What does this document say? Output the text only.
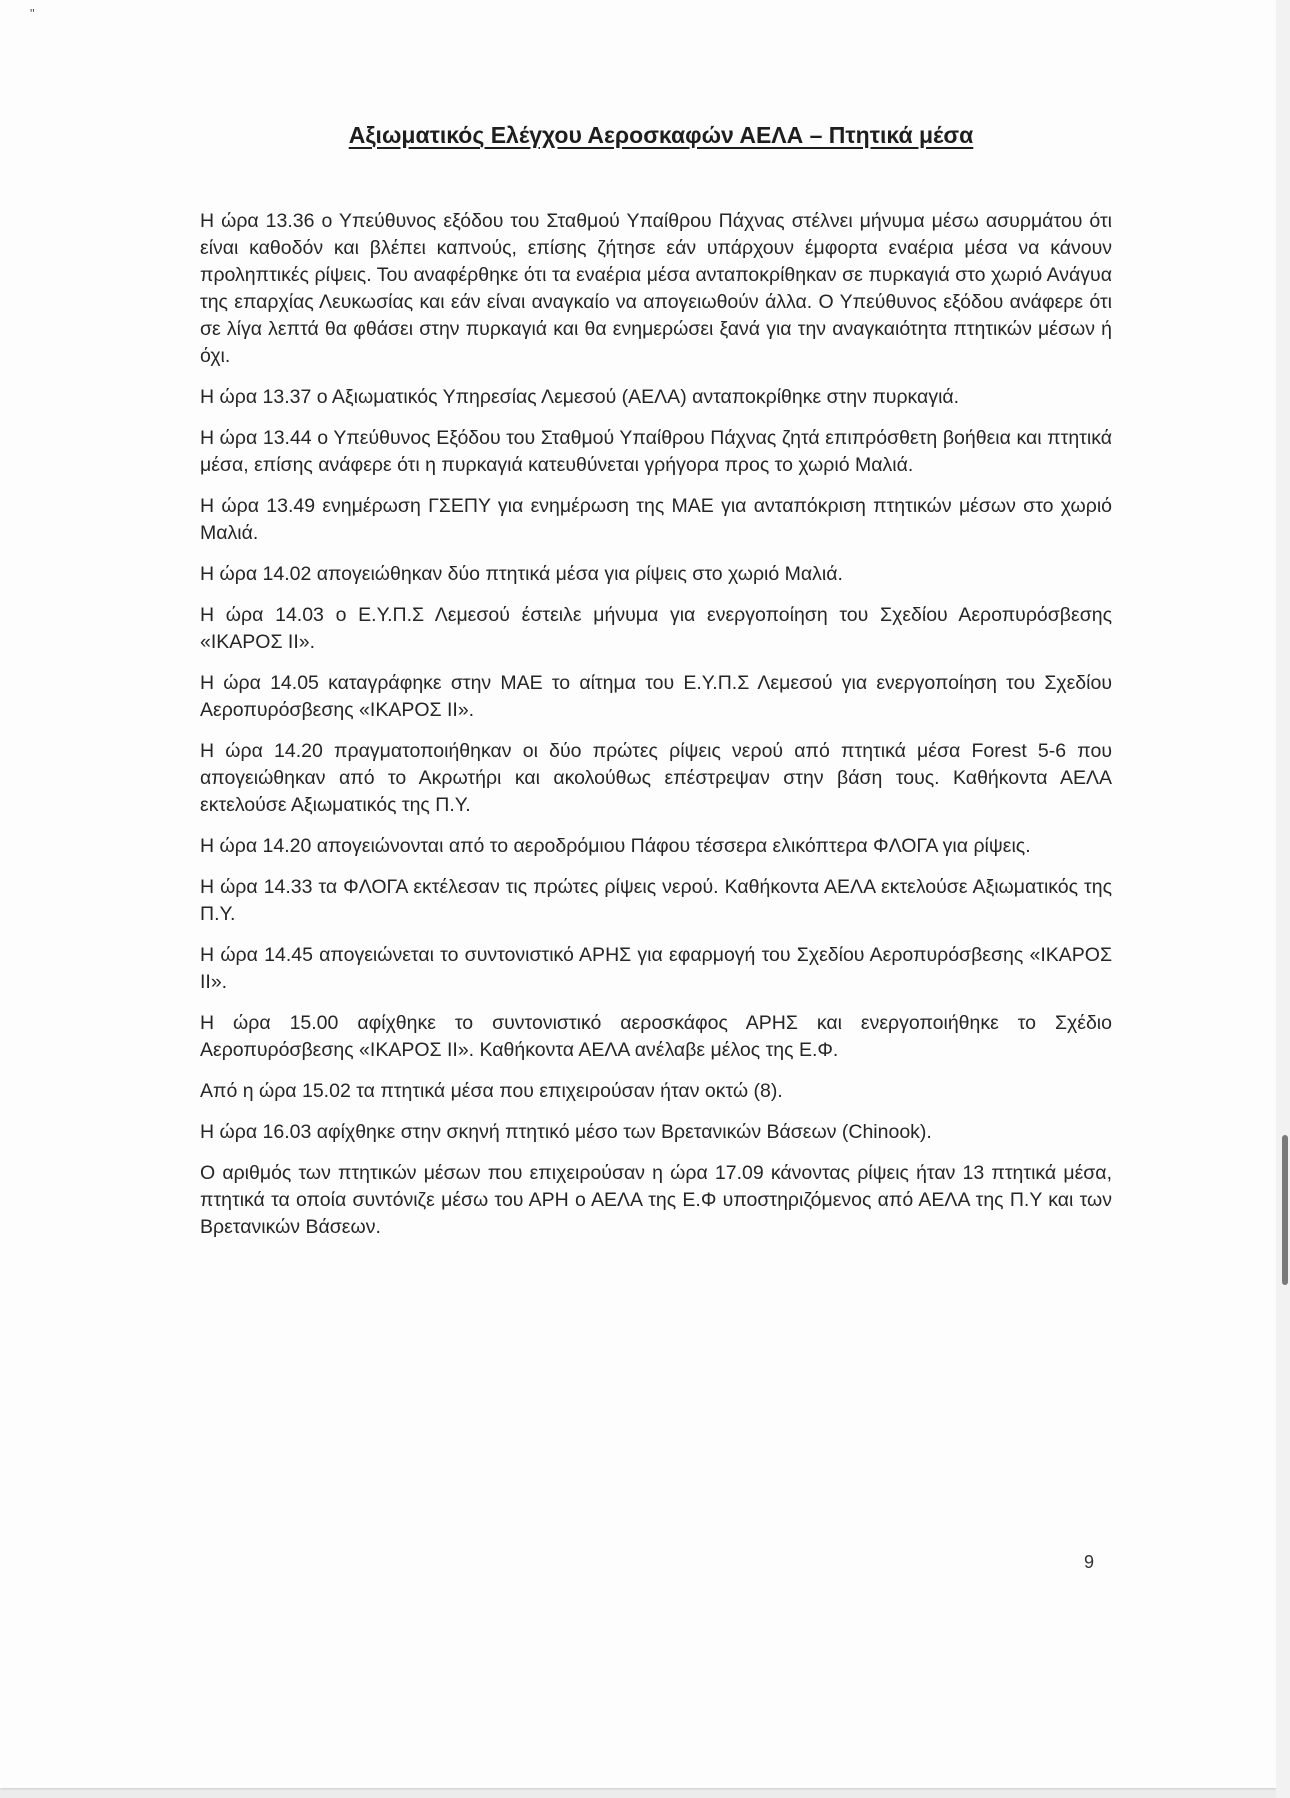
"
Αξιωματικός Ελέγχου Αεροσκαφών ΑΕΛΑ – Πτητικά μέσα

Η ώρα 13.36 ο Υπεύθυνος εξόδου του Σταθμού Υπαίθρου Πάχνας στέλνει μήνυμα μέσω ασυρμάτου ότι είναι καθοδόν και βλέπει καπνούς, επίσης ζήτησε εάν υπάρχουν έμφορτα εναέρια μέσα να κάνουν προληπτικές ρίψεις. Του αναφέρθηκε ότι τα εναέρια μέσα ανταποκρίθηκαν σε πυρκαγιά στο χωριό Ανάγυα της επαρχίας Λευκωσίας και εάν είναι αναγκαίο να απογειωθούν άλλα. Ο Υπεύθυνος εξόδου ανάφερε ότι σε λίγα λεπτά θα φθάσει στην πυρκαγιά και θα ενημερώσει ξανά για την αναγκαιότητα πτητικών μέσων ή όχι.

Η ώρα 13.37 ο Αξιωματικός Υπηρεσίας Λεμεσού (ΑΕΛΑ) ανταποκρίθηκε στην πυρκαγιά.

Η ώρα 13.44 ο Υπεύθυνος Εξόδου του Σταθμού Υπαίθρου Πάχνας ζητά επιπρόσθετη βοήθεια και πτητικά μέσα, επίσης ανάφερε ότι η πυρκαγιά κατευθύνεται γρήγορα προς το χωριό Μαλιά.

Η ώρα 13.49 ενημέρωση ΓΣΕΠΥ για ενημέρωση της ΜΑΕ για ανταπόκριση πτητικών μέσων στο χωριό Μαλιά.

Η ώρα 14.02 απογειώθηκαν δύο πτητικά μέσα για ρίψεις στο χωριό Μαλιά.

Η ώρα 14.03 ο Ε.Υ.Π.Σ Λεμεσού έστειλε μήνυμα για ενεργοποίηση του Σχεδίου Αεροπυρόσβεσης «ΙΚΑΡΟΣ ΙΙ».

Η ώρα 14.05 καταγράφηκε στην ΜΑΕ το αίτημα του Ε.Υ.Π.Σ Λεμεσού για ενεργοποίηση του Σχεδίου Αεροπυρόσβεσης «ΙΚΑΡΟΣ ΙΙ».

Η ώρα 14.20 πραγματοποιήθηκαν οι δύο πρώτες ρίψεις νερού από πτητικά μέσα Forest 5-6 που απογειώθηκαν από το Ακρωτήρι και ακολούθως επέστρεψαν στην βάση τους. Καθήκοντα ΑΕΛΑ εκτελούσε Αξιωματικός της Π.Υ.

Η ώρα 14.20 απογειώνονται από το αεροδρόμιου Πάφου τέσσερα ελικόπτερα ΦΛΟΓΑ για ρίψεις.

Η ώρα 14.33 τα ΦΛΟΓΑ εκτέλεσαν τις πρώτες ρίψεις νερού. Καθήκοντα ΑΕΛΑ εκτελούσε Αξιωματικός της Π.Υ.

Η ώρα 14.45 απογειώνεται το συντονιστικό ΑΡΗΣ για εφαρμογή του Σχεδίου Αεροπυρόσβεσης «ΙΚΑΡΟΣ ΙΙ».

Η ώρα 15.00 αφίχθηκε το συντονιστικό αεροσκάφος ΑΡΗΣ και ενεργοποιήθηκε το Σχέδιο Αεροπυρόσβεσης «ΙΚΑΡΟΣ ΙΙ». Καθήκοντα ΑΕΛΑ ανέλαβε μέλος της Ε.Φ.

Από η ώρα 15.02 τα πτητικά μέσα που επιχειρούσαν ήταν οκτώ (8).

Η ώρα 16.03 αφίχθηκε στην σκηνή πτητικό μέσο των Βρετανικών Βάσεων (Chinook).

Ο αριθμός των πτητικών μέσων που επιχειρούσαν η ώρα 17.09 κάνοντας ρίψεις ήταν 13 πτητικά μέσα, πτητικά τα οποία συντόνιζε μέσω του ΑΡΗ ο ΑΕΛΑ της Ε.Φ υποστηριζόμενος από ΑΕΛΑ της Π.Υ και των Βρετανικών Βάσεων.

9
